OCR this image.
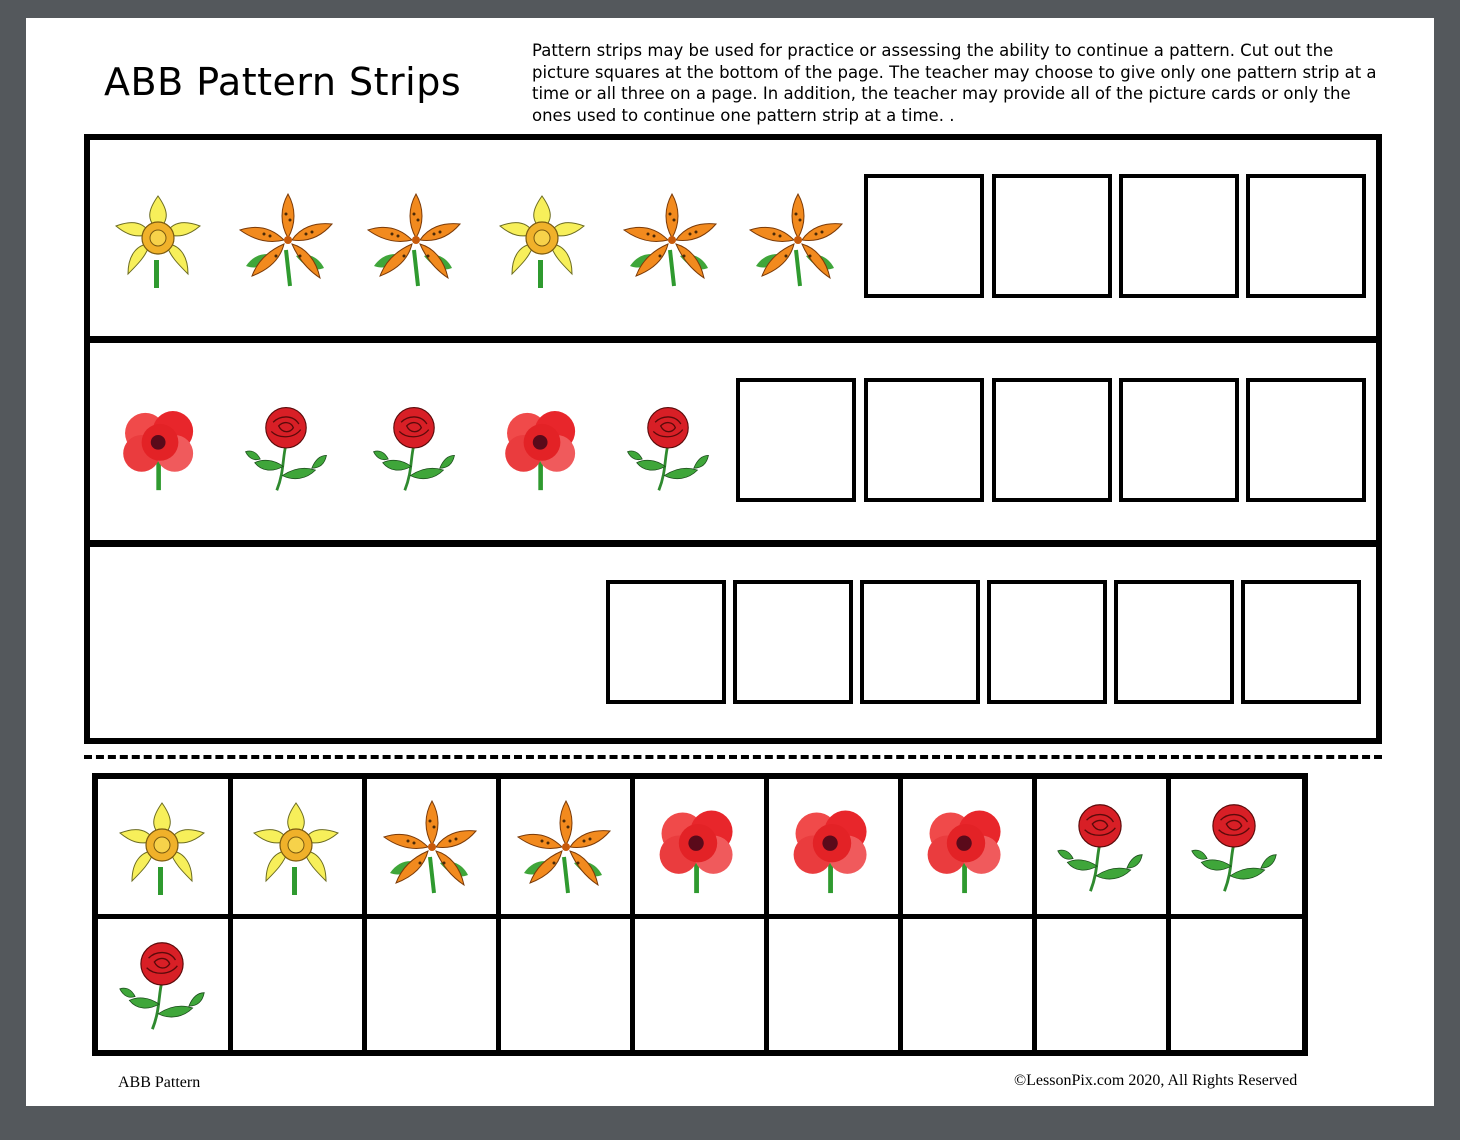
ABB Pattern Strips
Pattern strips may be used for practice or assessing the ability to continue a pattern. Cut out the picture squares at the bottom of the page. The teacher may choose to give only one pattern strip at a time or all three on a page. In addition, the teacher may provide all of the picture cards or only the ones used to continue one pattern strip at a time. .
ABB Pattern	©LessonPix.com 2020, All Rights Reserved
